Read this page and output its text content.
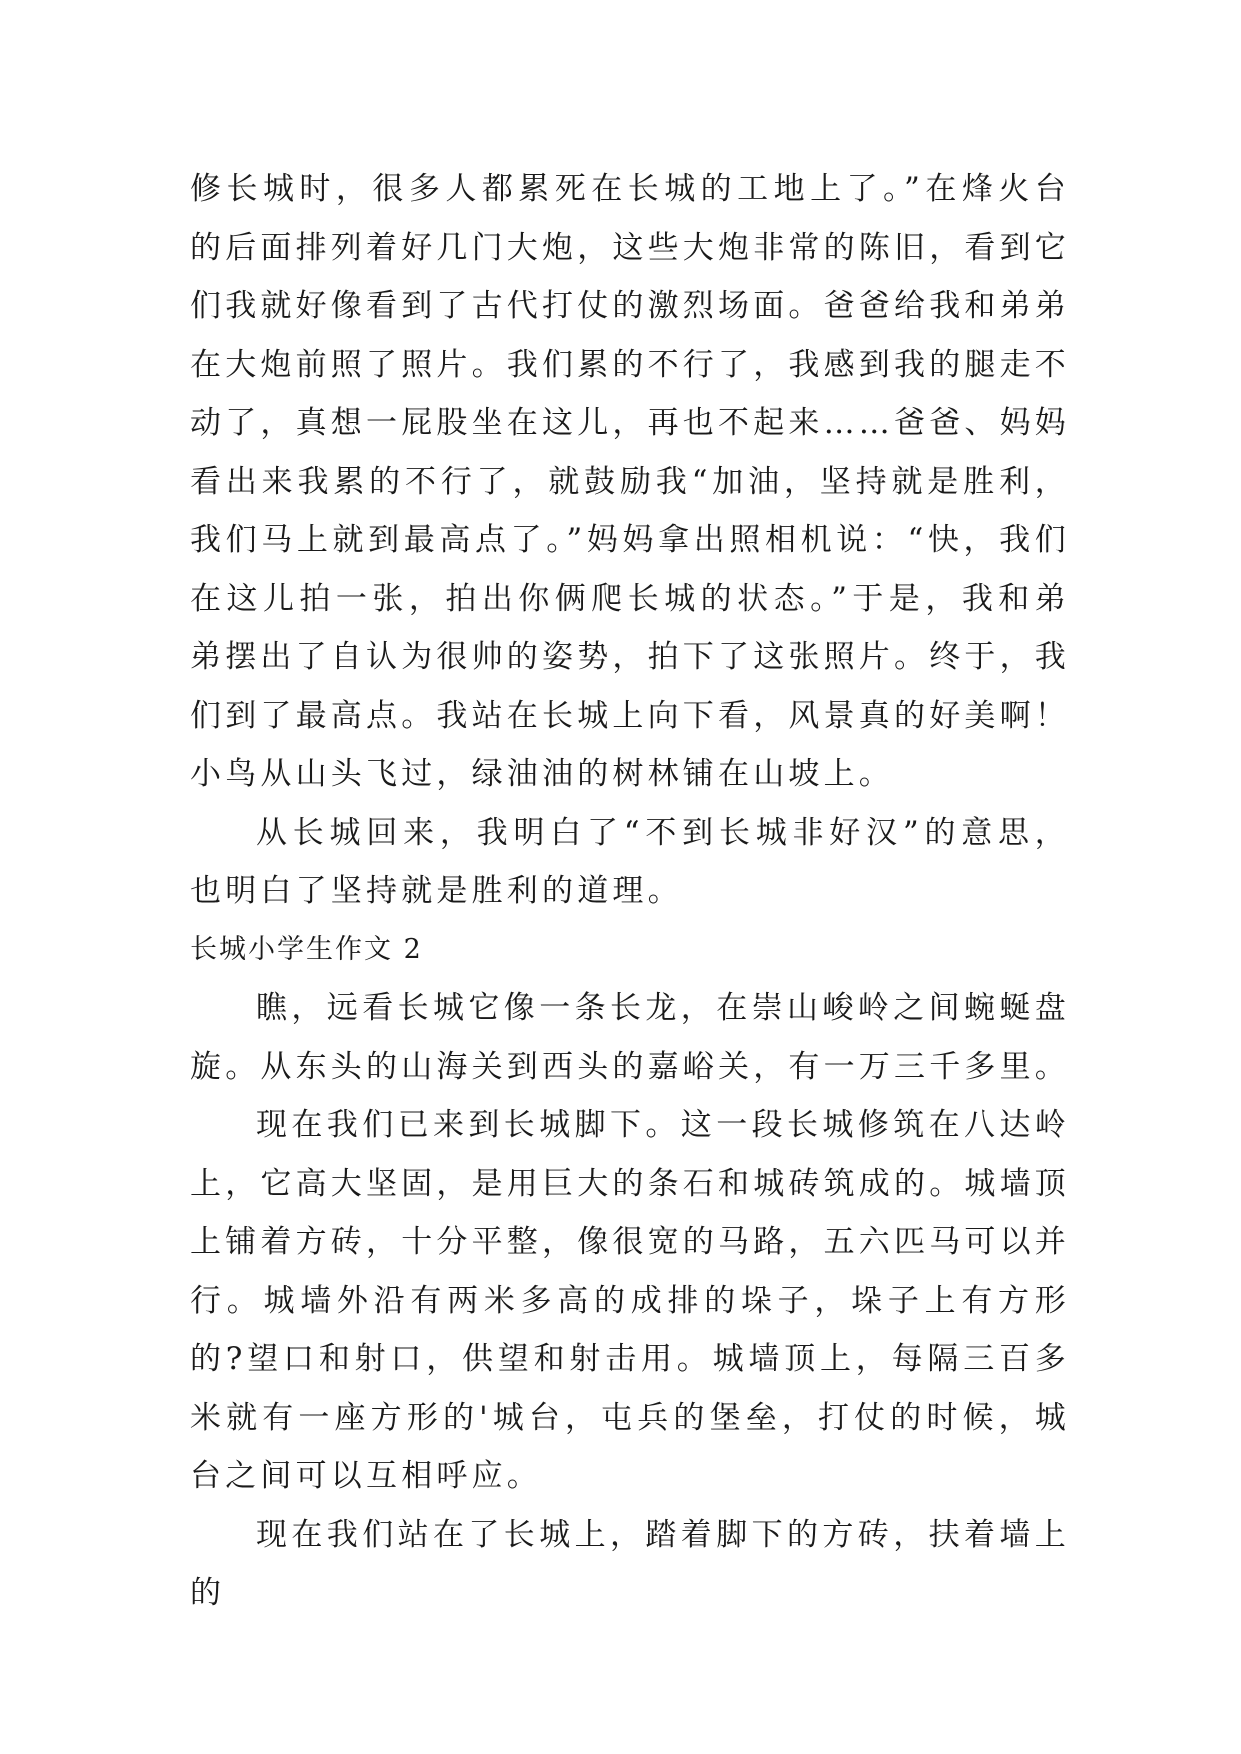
修长城时，很多人都累死在长城的工地上了。”在烽火台的后面排列着好几门大炮，这些大炮非常的陈旧，看到它们我就好像看到了古代打仗的激烈场面。爸爸给我和弟弟在大炮前照了照片。我们累的不行了，我感到我的腿走不动了，真想一屁股坐在这儿，再也不起来……爸爸、妈妈看出来我累的不行了，就鼓励我“加油，坚持就是胜利，我们马上就到最高点了。”妈妈拿出照相机说：“快，我们在这儿拍一张，拍出你俩爬长城的状态。”于是，我和弟弟摆出了自认为很帅的姿势，拍下了这张照片。终于，我们到了最高点。我站在长城上向下看，风景真的好美啊！小鸟从山头飞过，绿油油的树林铺在山坡上。

从长城回来，我明白了“不到长城非好汉”的意思，也明白了坚持就是胜利的道理。

长城小学生作文 2

瞧，远看长城它像一条长龙，在崇山峻岭之间蜿蜒盘旋。从东头的山海关到西头的嘉峪关，有一万三千多里。

现在我们已来到长城脚下。这一段长城修筑在八达岭上，它高大坚固，是用巨大的条石和城砖筑成的。城墙顶上铺着方砖，十分平整，像很宽的马路，五六匹马可以并行。城墙外沿有两米多高的成排的垛子，垛子上有方形的?望口和射口，供望和射击用。城墙顶上，每隔三百多米就有一座方形的'城台，屯兵的堡垒，打仗的时候，城台之间可以互相呼应。

现在我们站在了长城上，踏着脚下的方砖，扶着墙上的
